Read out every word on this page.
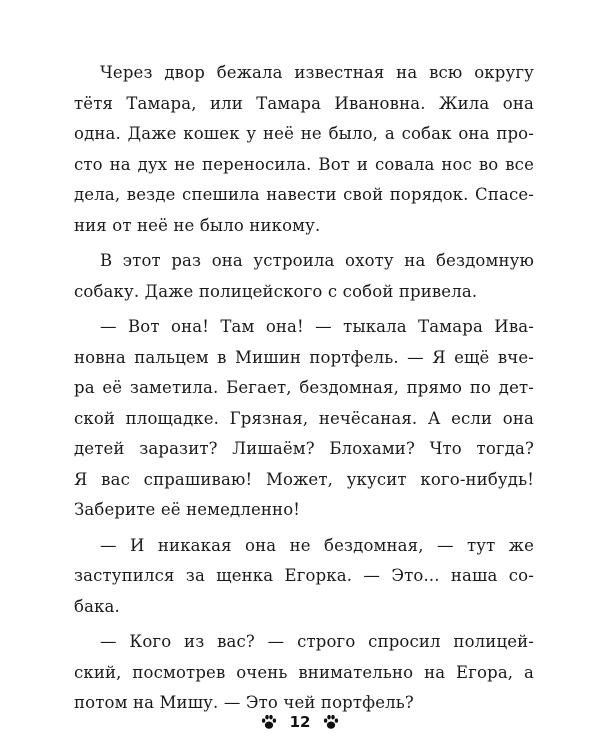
Через двор бежала известная на всю округу
тётя Тамара, или Тамара Ивановна. Жила она
одна. Даже кошек у неё не было, а собак она про-
сто на дух не переносила. Вот и совала нос во все
дела, везде спешила навести свой порядок. Спасе-
ния от неё не было никому.

В этот раз она устроила охоту на бездомную
собаку. Даже полицейского с собой привела.

— Вот она! Там она! — тыкала Тамара Ива-
новна пальцем в Мишин портфель. — Я ещё вче-
ра её заметила. Бегает, бездомная, прямо по дет-
ской площадке. Грязная, нечёсаная. А если она
детей заразит? Лишаём? Блохами? Что тогда?
Я вас спрашиваю! Может, укусит кого-нибудь!
Заберите её немедленно!

— И никакая она не бездомная, — тут же
заступился за щенка Егорка. — Это... наша со-
бака.

— Кого из вас? — строго спросил полицей-
ский, посмотрев очень внимательно на Егора, а
потом на Мишу. — Это чей портфель?

12
